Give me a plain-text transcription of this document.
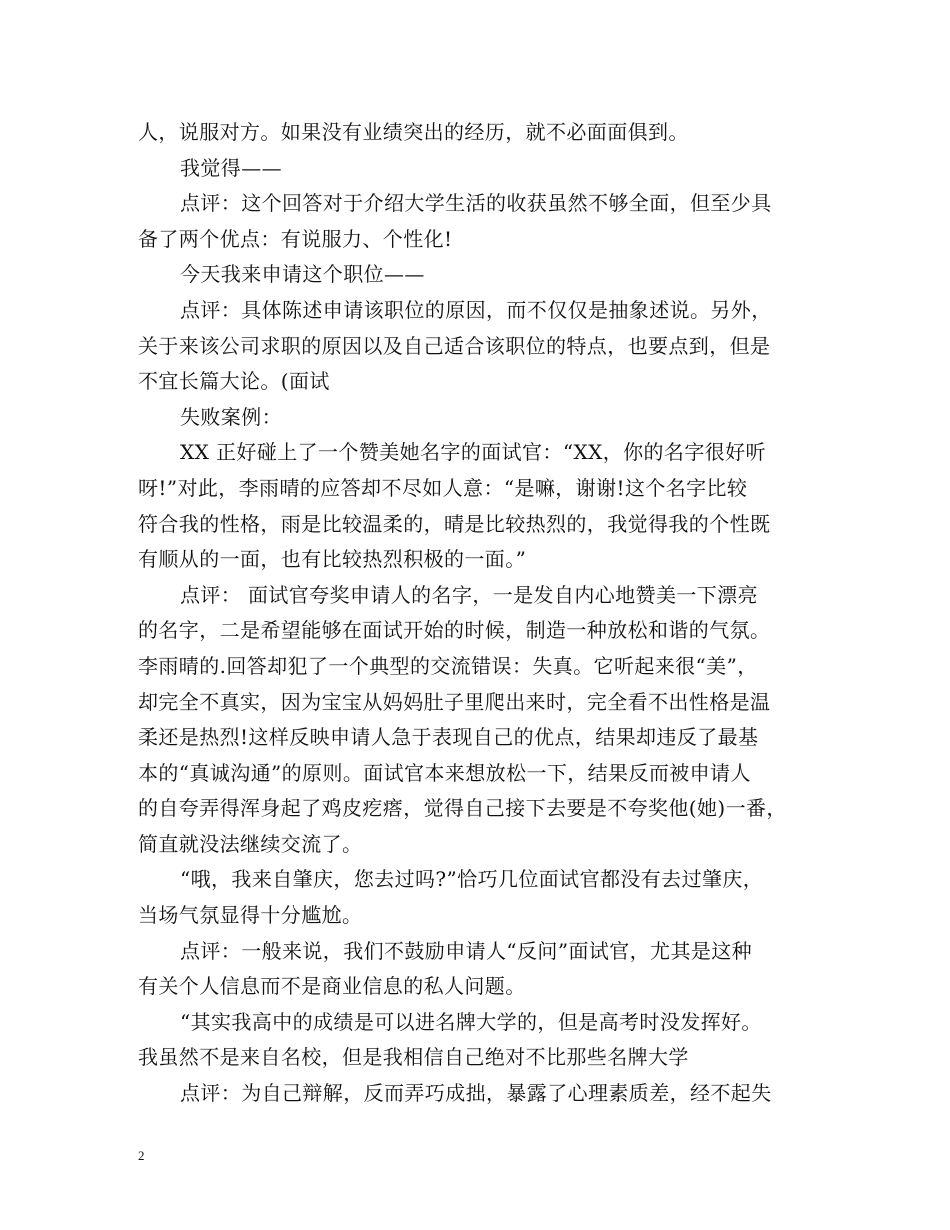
人，说服对方。如果没有业绩突出的经历，就不必面面俱到。
我觉得——
点评：这个回答对于介绍大学生活的收获虽然不够全面，但至少具
备了两个优点：有说服力、个性化!
今天我来申请这个职位——
点评：具体陈述申请该职位的原因，而不仅仅是抽象述说。另外，
关于来该公司求职的原因以及自己适合该职位的特点，也要点到，但是
不宜长篇大论。(面试
失败案例：
XX 正好碰上了一个赞美她名字的面试官：“XX，你的名字很好听
呀!”对此，李雨晴的应答却不尽如人意：“是嘛，谢谢!这个名字比较
符合我的性格，雨是比较温柔的，晴是比较热烈的，我觉得我的个性既
有顺从的一面，也有比较热烈积极的一面。”
点评： 面试官夸奖申请人的名字，一是发自内心地赞美一下漂亮
的名字，二是希望能够在面试开始的时候，制造一种放松和谐的气氛。
李雨晴的.回答却犯了一个典型的交流错误：失真。它听起来很“美”，
却完全不真实，因为宝宝从妈妈肚子里爬出来时，完全看不出性格是温
柔还是热烈!这样反映申请人急于表现自己的优点，结果却违反了最基
本的“真诚沟通”的原则。面试官本来想放松一下，结果反而被申请人
的自夸弄得浑身起了鸡皮疙瘩，觉得自己接下去要是不夸奖他(她)一番，
简直就没法继续交流了。
“哦，我来自肇庆，您去过吗?”恰巧几位面试官都没有去过肇庆，
当场气氛显得十分尴尬。
点评：一般来说，我们不鼓励申请人“反问”面试官，尤其是这种
有关个人信息而不是商业信息的私人问题。
“其实我高中的成绩是可以进名牌大学的，但是高考时没发挥好。
我虽然不是来自名校，但是我相信自己绝对不比那些名牌大学
点评：为自己辩解，反而弄巧成拙，暴露了心理素质差，经不起失
2
